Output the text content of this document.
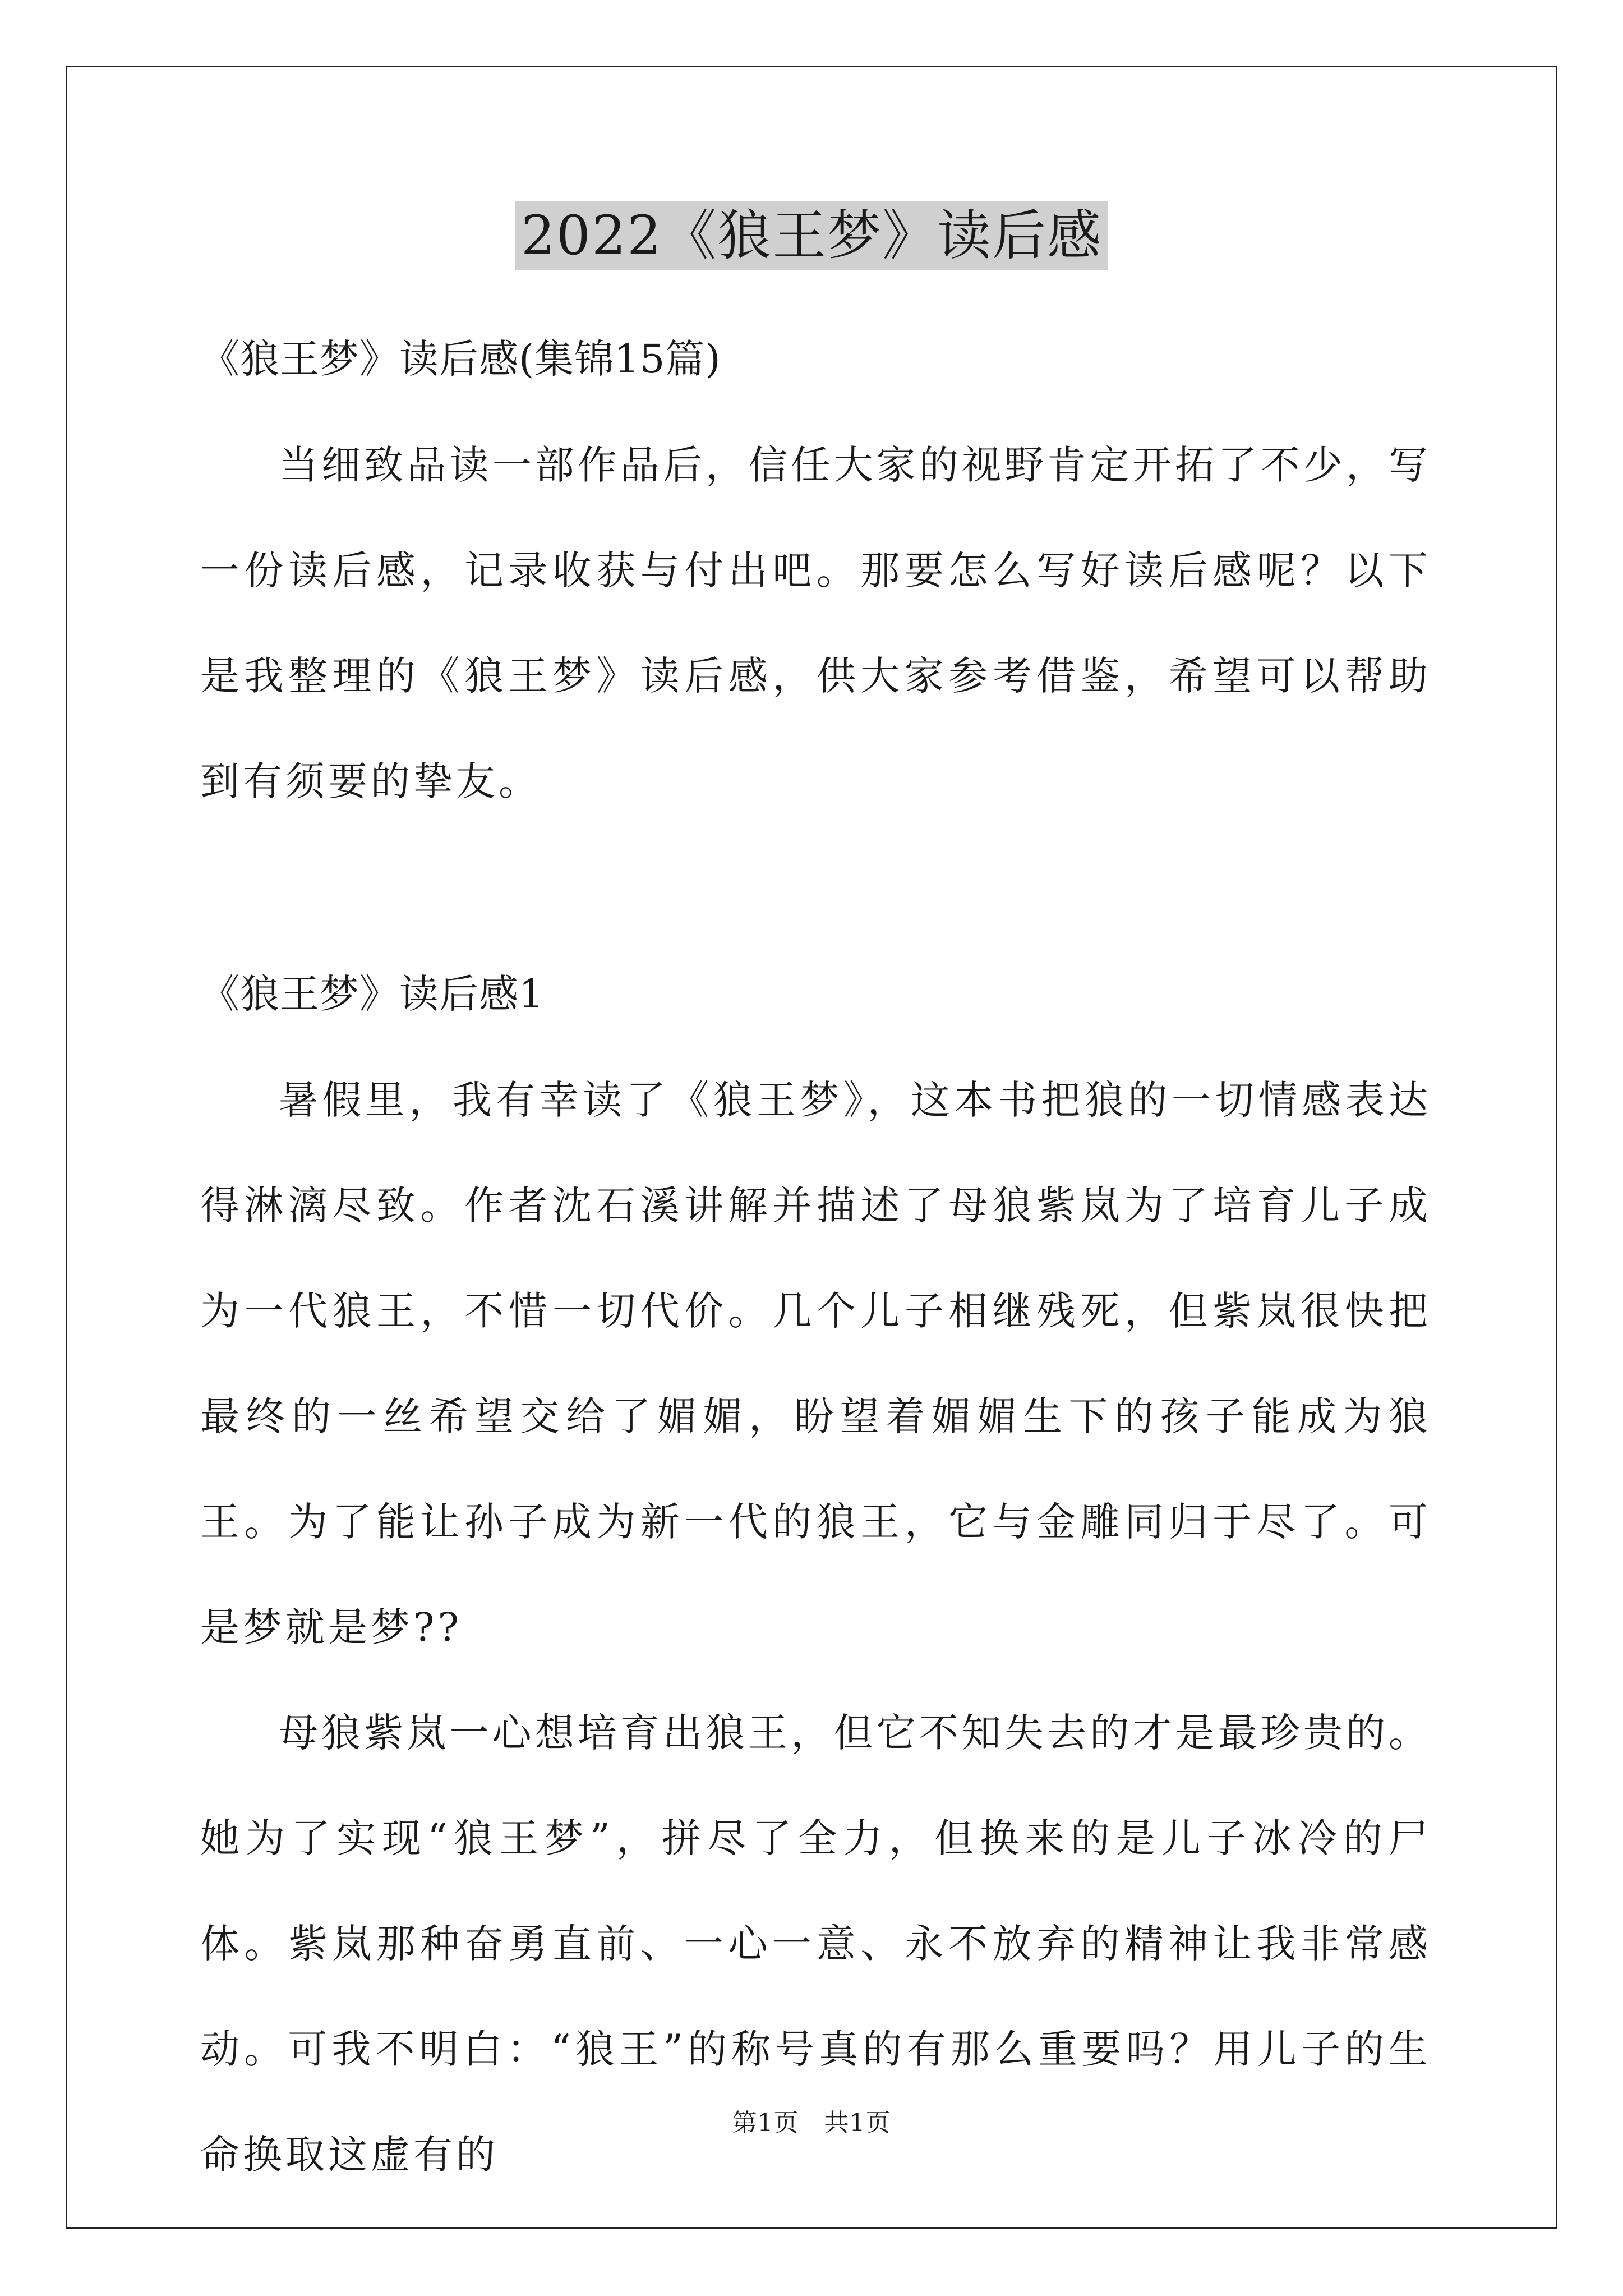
2022《狼王梦》读后感

《狼王梦》读后感(集锦15篇)

当细致品读一部作品后，信任大家的视野肯定开拓了不少，写一份读后感，记录收获与付出吧。那要怎么写好读后感呢？以下是我整理的《狼王梦》读后感，供大家参考借鉴，希望可以帮助到有须要的挚友。

《狼王梦》读后感1

暑假里，我有幸读了《狼王梦》，这本书把狼的一切情感表达得淋漓尽致。作者沈石溪讲解并描述了母狼紫岚为了培育儿子成为一代狼王，不惜一切代价。几个儿子相继残死，但紫岚很快把最终的一丝希望交给了媚媚，盼望着媚媚生下的孩子能成为狼王。为了能让孙子成为新一代的狼王，它与金雕同归于尽了。可是梦就是梦??

母狼紫岚一心想培育出狼王，但它不知失去的才是最珍贵的。她为了实现“狼王梦”，拼尽了全力，但换来的是儿子冰冷的尸体。紫岚那种奋勇直前、一心一意、永不放弃的精神让我非常感动。可我不明白：“狼王”的称号真的有那么重要吗？用儿子的生命换取这虚有的

第1页　共1页
